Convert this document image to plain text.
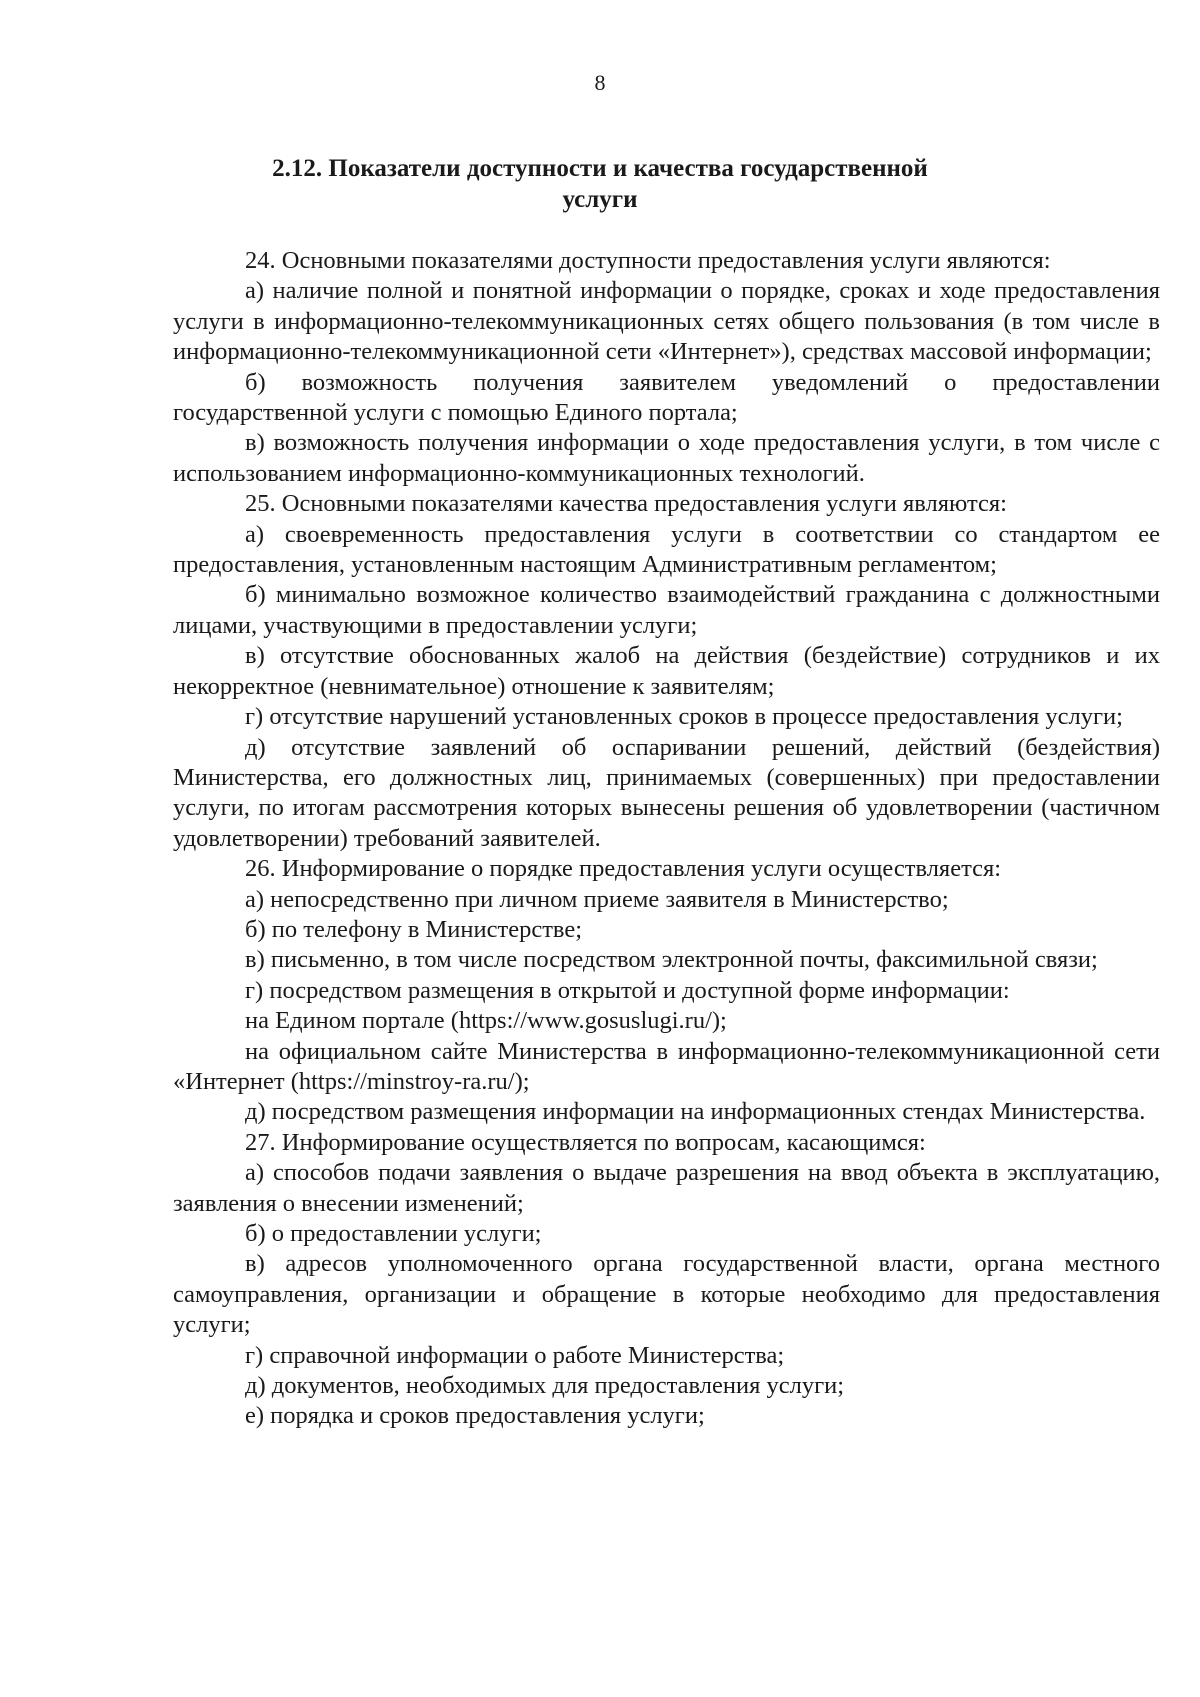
8
2.12. Показатели доступности и качества государственной
услуги

24. Основными показателями доступности предоставления услуги являются:

а) наличие полной и понятной информации о порядке, сроках и ходе предоставления услуги в информационно-телекоммуникационных сетях общего пользования (в том числе в информационно-телекоммуникационной сети «Интернет»), средствах массовой информации;

б) возможность получения заявителем уведомлений о предоставлении государственной услуги с помощью Единого портала;

в) возможность получения информации о ходе предоставления услуги, в том числе с использованием информационно-коммуникационных технологий.

25. Основными показателями качества предоставления услуги являются:

а) своевременность предоставления услуги в соответствии со стандартом ее предоставления, установленным настоящим Административным регламентом;

б) минимально возможное количество взаимодействий гражданина с должностными лицами, участвующими в предоставлении услуги;

в) отсутствие обоснованных жалоб на действия (бездействие) сотрудников и их некорректное (невнимательное) отношение к заявителям;

г) отсутствие нарушений установленных сроков в процессе предоставления услуги;

д) отсутствие заявлений об оспаривании решений, действий (бездействия) Министерства, его должностных лиц, принимаемых (совершенных) при предоставлении услуги, по итогам рассмотрения которых вынесены решения об удовлетворении (частичном удовлетворении) требований заявителей.

26. Информирование о порядке предоставления услуги осуществляется:

а) непосредственно при личном приеме заявителя в Министерство;

б) по телефону в Министерстве;

в) письменно, в том числе посредством электронной почты, факсимильной связи;

г) посредством размещения в открытой и доступной форме информации:

на Едином портале (https://www.gosuslugi.ru/);

на официальном сайте Министерства в информационно-телекоммуникационной сети «Интернет (https://minstroy-ra.ru/);

д) посредством размещения информации на информационных стендах Министерства.

27. Информирование осуществляется по вопросам, касающимся:

а) способов подачи заявления о выдаче разрешения на ввод объекта в эксплуатацию, заявления о внесении изменений;

б) о предоставлении услуги;

в) адресов уполномоченного органа государственной власти, органа местного самоуправления, организации и обращение в которые необходимо для предоставления услуги;

г) справочной информации о работе Министерства;

д) документов, необходимых для предоставления услуги;

е) порядка и сроков предоставления услуги;
